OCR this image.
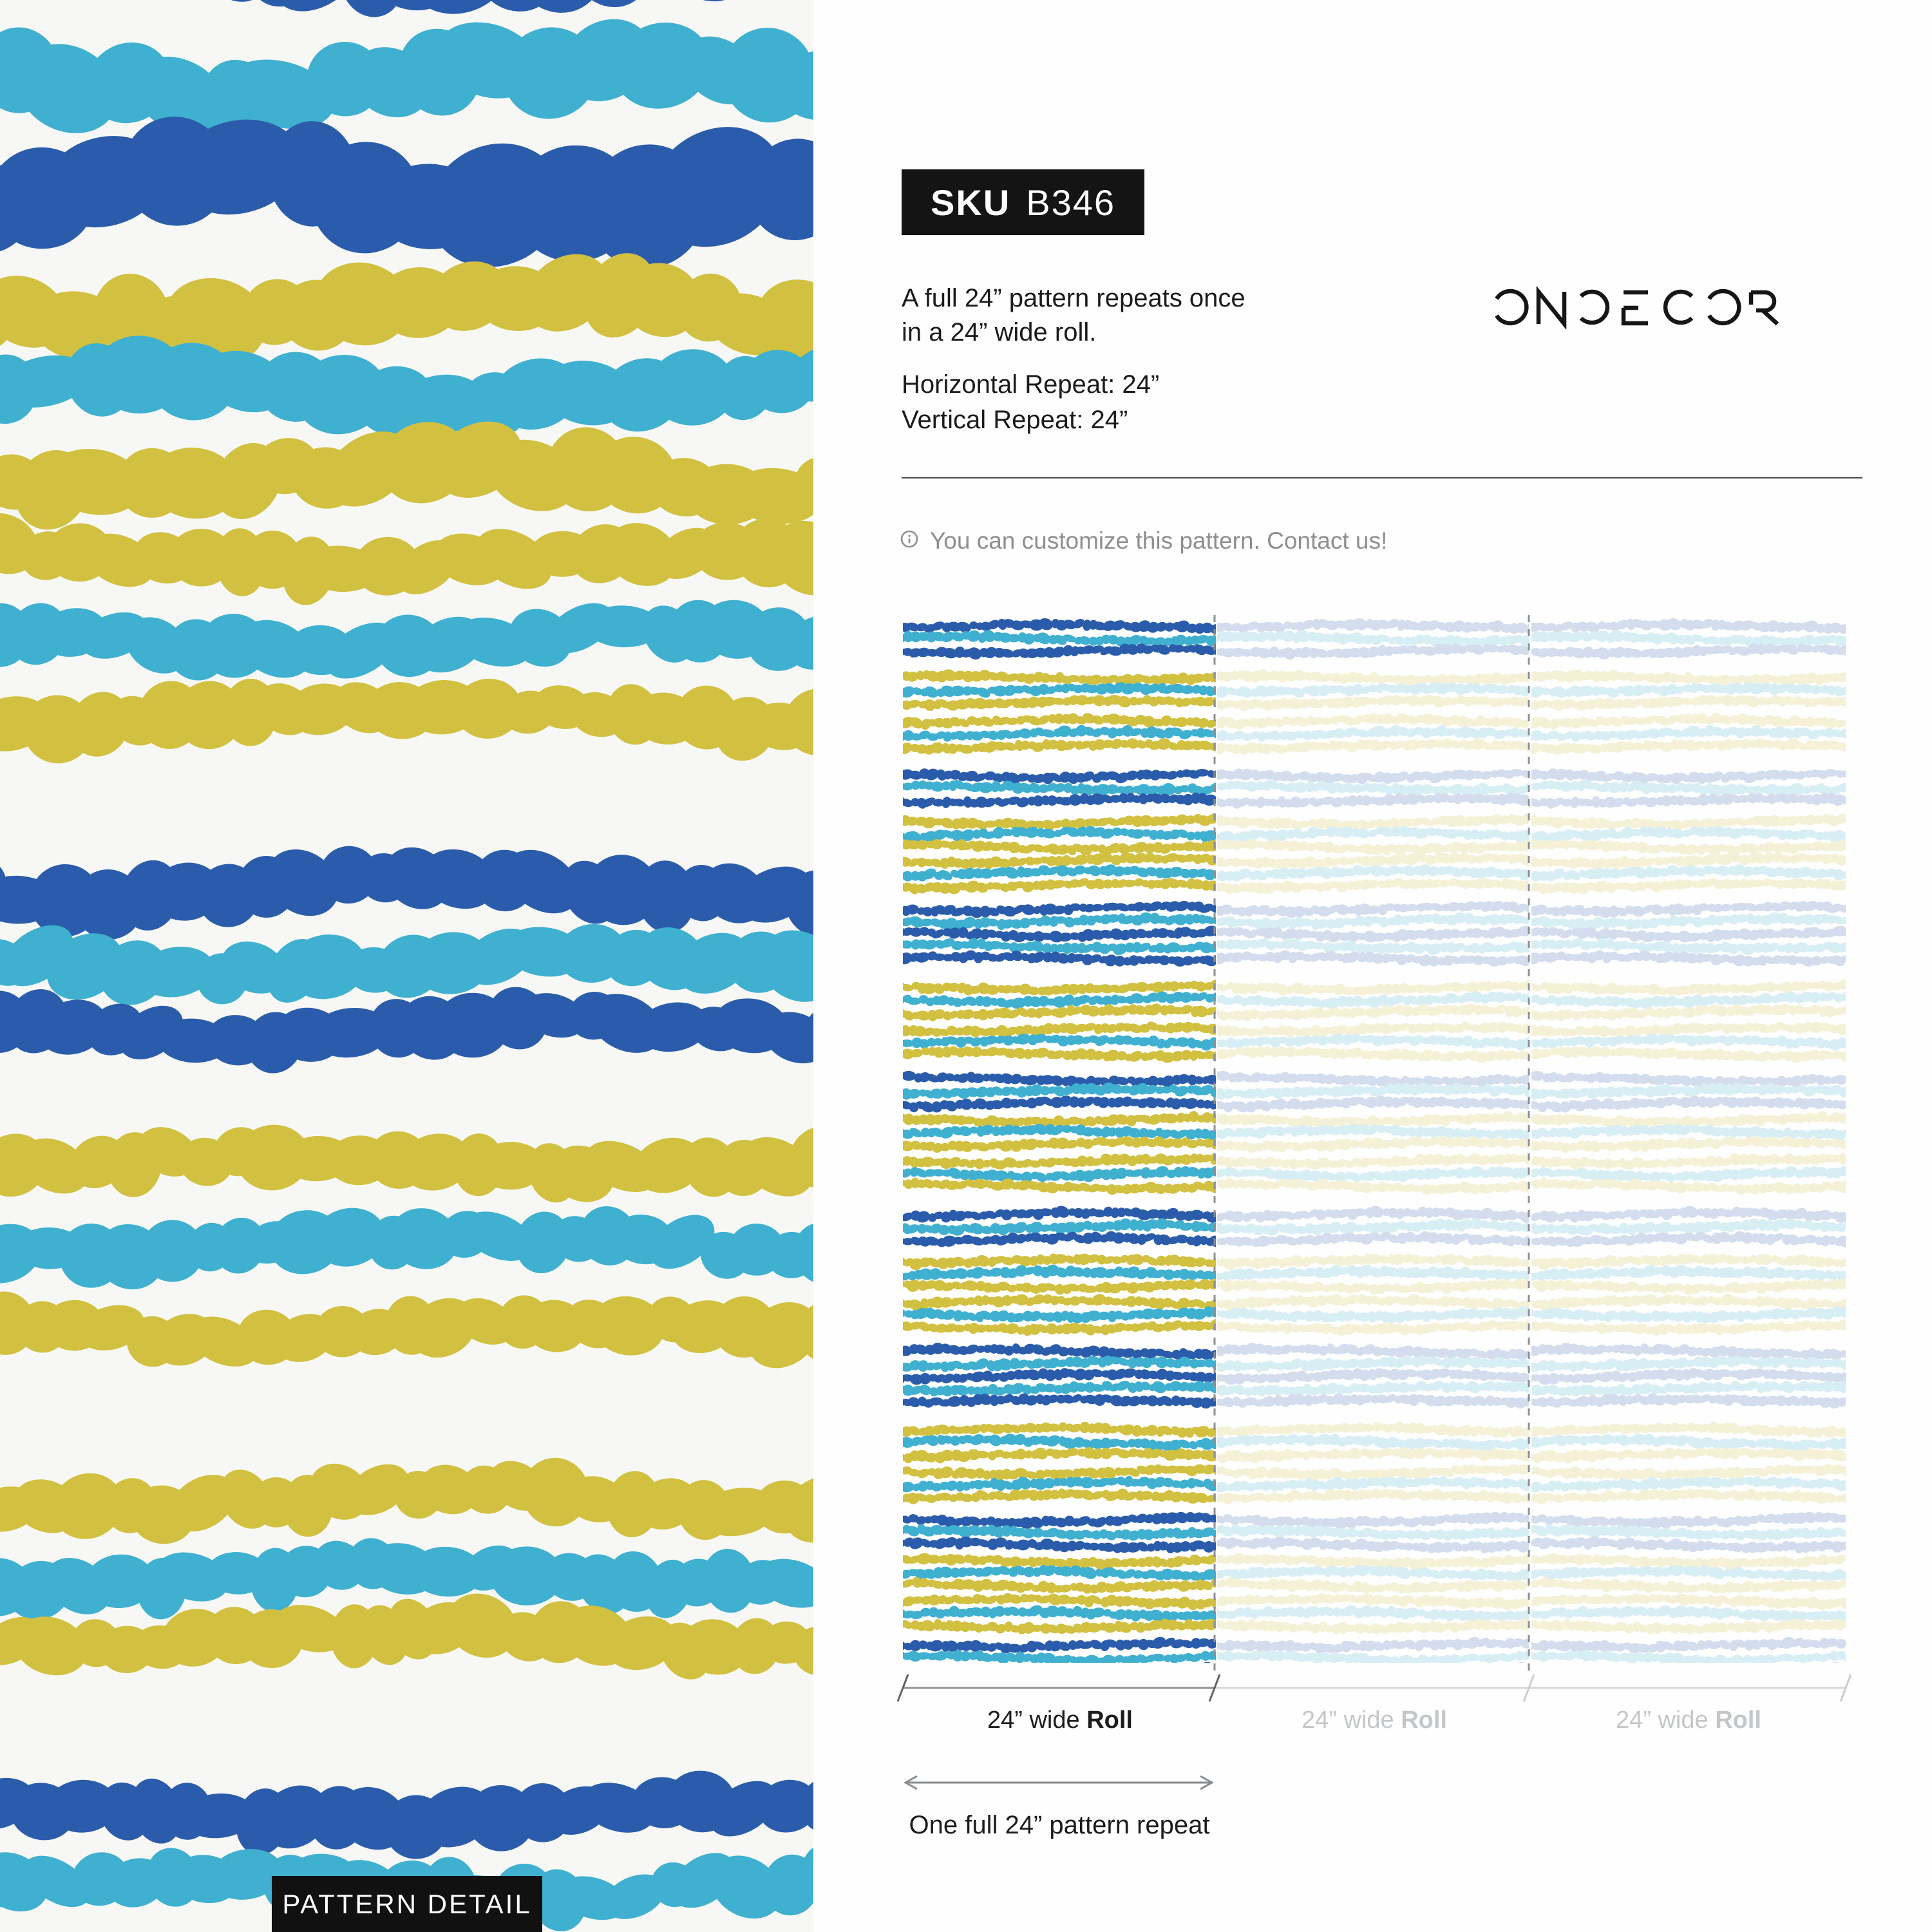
SKU B346
A full 24” pattern repeats once
in a 24” wide roll.
Horizontal Repeat: 24”
Vertical Repeat: 24”
You can customize this pattern. Contact us!
24” wide Roll	24” wide Roll	24” wide Roll
One full 24” pattern repeat
PATTERN DETAIL
